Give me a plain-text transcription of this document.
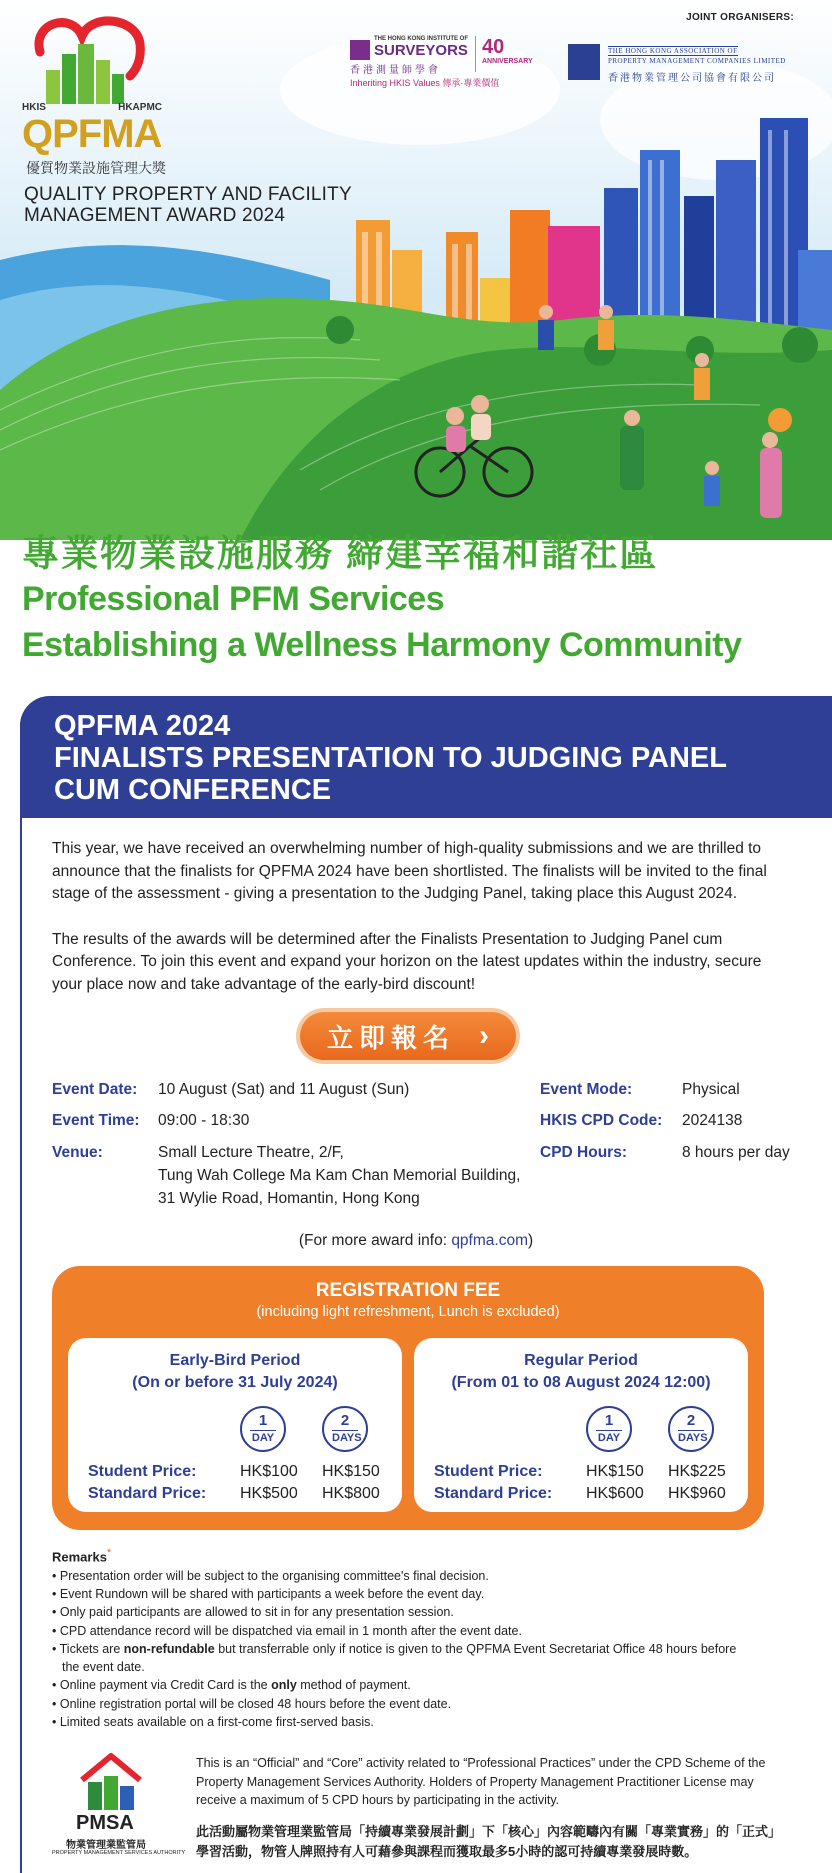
HKIS	HKAPMC
QPFMA
優質物業設施管理大獎
QUALITY PROPERTY AND FACILITY
MANAGEMENT AWARD 2024
JOINT ORGANISERS:
THE HONG KONG INSTITUTE OF
SURVEYORS
香港測量師學會
Inheriting HKIS Values 傳承·專業價值
40
ANNIVERSARY
THE HONG KONG ASSOCIATION OF
PROPERTY MANAGEMENT COMPANIES LIMITED
香港物業管理公司協會有限公司
專業物業設施服務 締建幸福和諧社區
Professional PFM Services
Establishing a Wellness Harmony Community
QPFMA 2024
FINALISTS PRESENTATION TO JUDGING PANEL
CUM CONFERENCE

This year, we have received an overwhelming number of high-quality submissions and we are thrilled to announce that the finalists for QPFMA 2024 have been shortlisted. The finalists will be invited to the final stage of the assessment - giving a presentation to the Judging Panel, taking place this August 2024.

The results of the awards will be determined after the Finalists Presentation to Judging Panel cum Conference. To join this event and expand your horizon on the latest updates within the industry, secure your place now and take advantage of the early-bird discount!

立即報名 ›
Event Date: 10 August (Sat) and 11 August (Sun)
Event Time: 09:00 - 18:30
Venue:	Small Lecture Theatre, 2/F,
Tung Wah College Ma Kam Chan Memorial Building,
31 Wylie Road, Homantin, Hong Kong
Event Mode:	Physical
HKIS CPD Code: 2024138
CPD Hours:	8 hours per day
(For more award info: qpfma.com)
REGISTRATION FEE
(including light refreshment, Lunch is excluded)
Early-Bird Period
(On or before 31 July 2024)
1
DAY
2
DAYS
Student Price:	HK$100 HK$150
Standard Price: HK$500 HK$800
Regular Period
(From 01 to 08 August 2024 12:00)
1
DAY
2
DAYS
Student Price:	HK$150 HK$225
Standard Price: HK$600 HK$960
Remarks*
• Presentation order will be subject to the organising committee's final decision.
• Event Rundown will be shared with participants a week before the event day.
• Only paid participants are allowed to sit in for any presentation session.
• CPD attendance record will be dispatched via email in 1 month after the event date.
• Tickets are non-refundable but transferrable only if notice is given to the QPFMA Event Secretariat Office 48 hours before the event date.
• Online payment via Credit Card is the only method of payment.
• Online registration portal will be closed 48 hours before the event date.
• Limited seats available on a first-come first-served basis.
PMSA
物業管理業監管局
PROPERTY MANAGEMENT SERVICES AUTHORITY
This is an “Official” and “Core” activity related to “Professional Practices” under the CPD Scheme of the Property Management Services Authority. Holders of Property Management Practitioner License may receive a maximum of 5 CPD hours by participating in the activity.
此活動屬物業管理業監管局「持續專業發展計劃」下「核心」內容範疇內有關「專業實務」的「正式」學習活動，物管人牌照持有人可藉參與課程而獲取最多5小時的認可持續專業發展時數。
